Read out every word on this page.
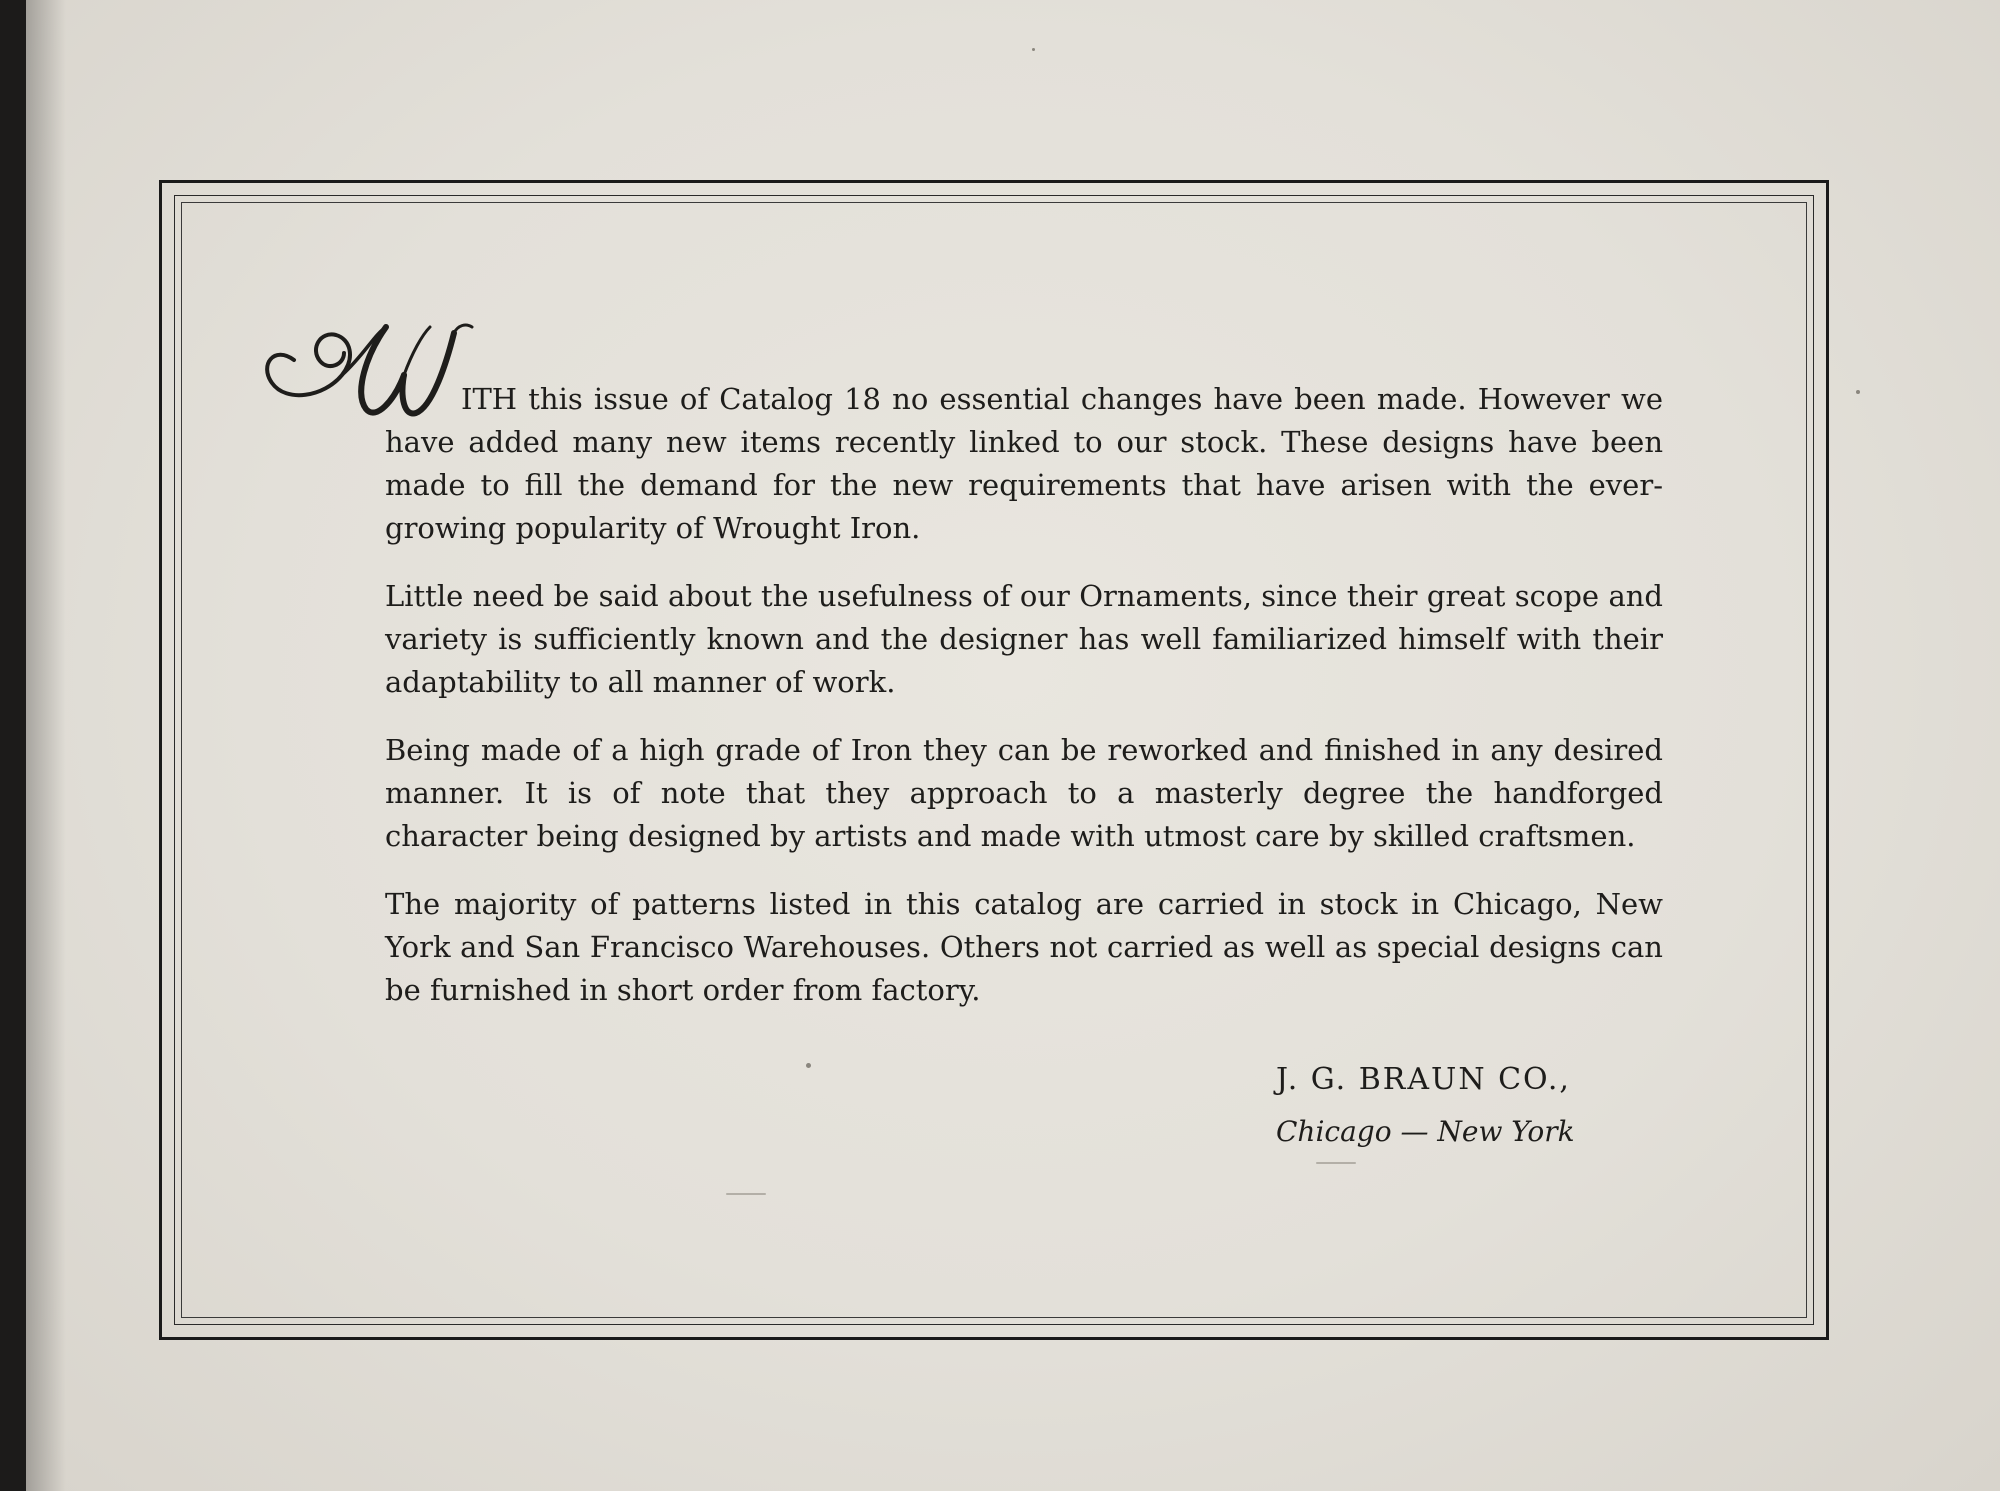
W

ITH this issue of Catalog 18 no essential changes have been made. However we have added many new items recently linked to our stock. These designs have been made to fill the demand for the new requirements that have arisen with the ever-growing popularity of Wrought Iron.

Little need be said about the usefulness of our Ornaments, since their great scope and variety is sufficiently known and the designer has well familiarized himself with their adaptability to all manner of work.

Being made of a high grade of Iron they can be reworked and finished in any desired manner. It is of note that they approach to a masterly degree the handforged character being designed by artists and made with utmost care by skilled craftsmen.

The majority of patterns listed in this catalog are carried in stock in Chicago, New York and San Francisco Warehouses. Others not carried as well as special designs can be furnished in short order from factory.

J. G. BRAUN CO.,
Chicago — New York
